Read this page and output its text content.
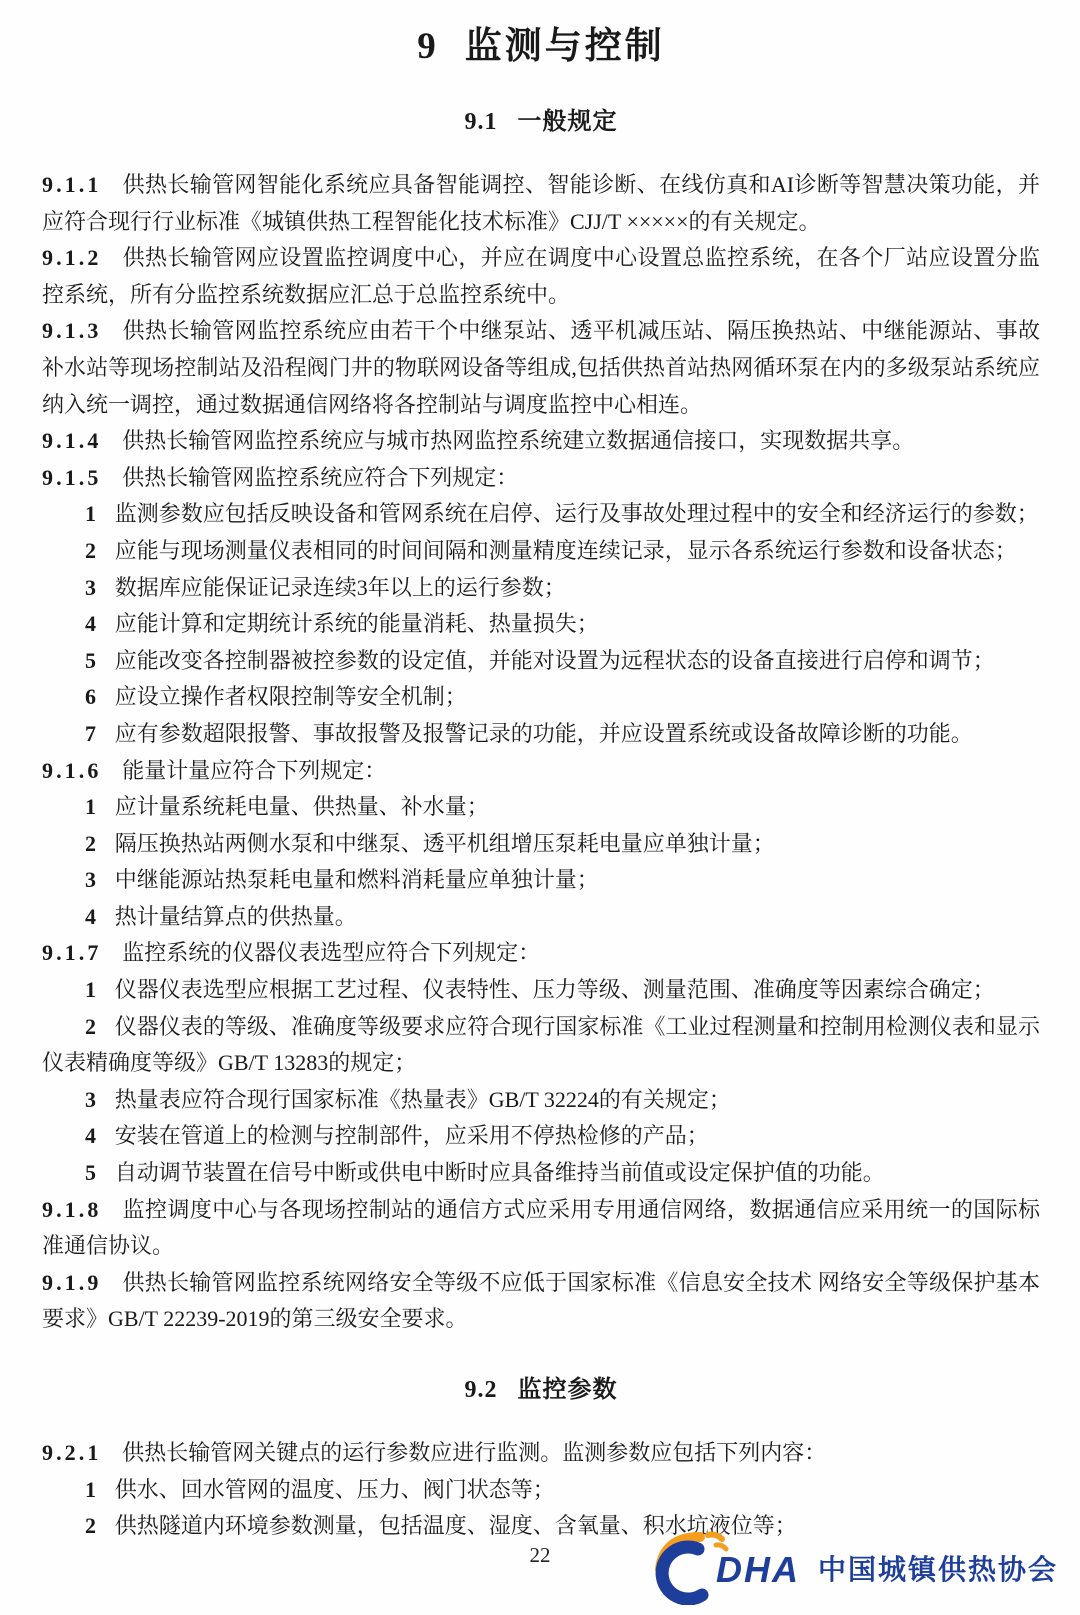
9 监测与控制
9.1 一般规定

9.1.1 供热长输管网智能化系统应具备智能调控、智能诊断、在线仿真和AI诊断等智慧决策功能，并应符合现行行业标准《城镇供热工程智能化技术标准》CJJ/T ×××××的有关规定。

9.1.2 供热长输管网应设置监控调度中心，并应在调度中心设置总监控系统，在各个厂站应设置分监控系统，所有分监控系统数据应汇总于总监控系统中。

9.1.3 供热长输管网监控系统应由若干个中继泵站、透平机减压站、隔压换热站、中继能源站、事故补水站等现场控制站及沿程阀门井的物联网设备等组成,包括供热首站热网循环泵在内的多级泵站系统应纳入统一调控，通过数据通信网络将各控制站与调度监控中心相连。

9.1.4 供热长输管网监控系统应与城市热网监控系统建立数据通信接口，实现数据共享。

9.1.5 供热长输管网监控系统应符合下列规定：

1 监测参数应包括反映设备和管网系统在启停、运行及事故处理过程中的安全和经济运行的参数；

2 应能与现场测量仪表相同的时间间隔和测量精度连续记录，显示各系统运行参数和设备状态；

3 数据库应能保证记录连续3年以上的运行参数；

4 应能计算和定期统计系统的能量消耗、热量损失；

5 应能改变各控制器被控参数的设定值，并能对设置为远程状态的设备直接进行启停和调节；

6 应设立操作者权限控制等安全机制；

7 应有参数超限报警、事故报警及报警记录的功能，并应设置系统或设备故障诊断的功能。

9.1.6 能量计量应符合下列规定：

1 应计量系统耗电量、供热量、补水量；

2 隔压换热站两侧水泵和中继泵、透平机组增压泵耗电量应单独计量；

3 中继能源站热泵耗电量和燃料消耗量应单独计量；

4 热计量结算点的供热量。

9.1.7 监控系统的仪器仪表选型应符合下列规定：

1 仪器仪表选型应根据工艺过程、仪表特性、压力等级、测量范围、准确度等因素综合确定；

2 仪器仪表的等级、准确度等级要求应符合现行国家标准《工业过程测量和控制用检测仪表和显示仪表精确度等级》GB/T 13283的规定；

3 热量表应符合现行国家标准《热量表》GB/T 32224的有关规定；

4 安装在管道上的检测与控制部件，应采用不停热检修的产品；

5 自动调节装置在信号中断或供电中断时应具备维持当前值或设定保护值的功能。

9.1.8 监控调度中心与各现场控制站的通信方式应采用专用通信网络，数据通信应采用统一的国际标准通信协议。

9.1.9 供热长输管网监控系统网络安全等级不应低于国家标准《信息安全技术 网络安全等级保护基本要求》GB/T 22239-2019的第三级安全要求。

9.2 监控参数

9.2.1 供热长输管网关键点的运行参数应进行监测。监测参数应包括下列内容：

1 供水、回水管网的温度、压力、阀门状态等；

2 供热隧道内环境参数测量，包括温度、湿度、含氧量、积水坑液位等；

22	DHA 中国城镇供热协会
